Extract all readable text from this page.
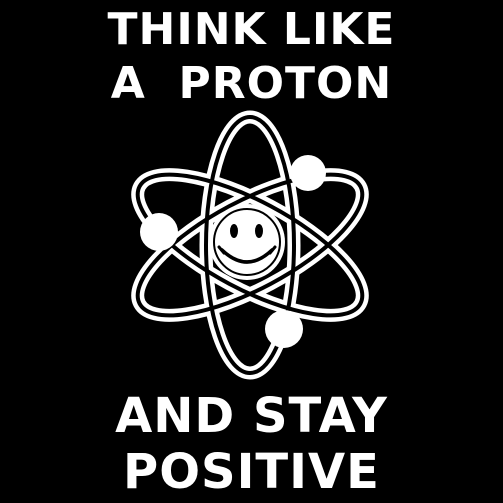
THINK LIKE
A  PROTON
AND STAY
POSITIVE
